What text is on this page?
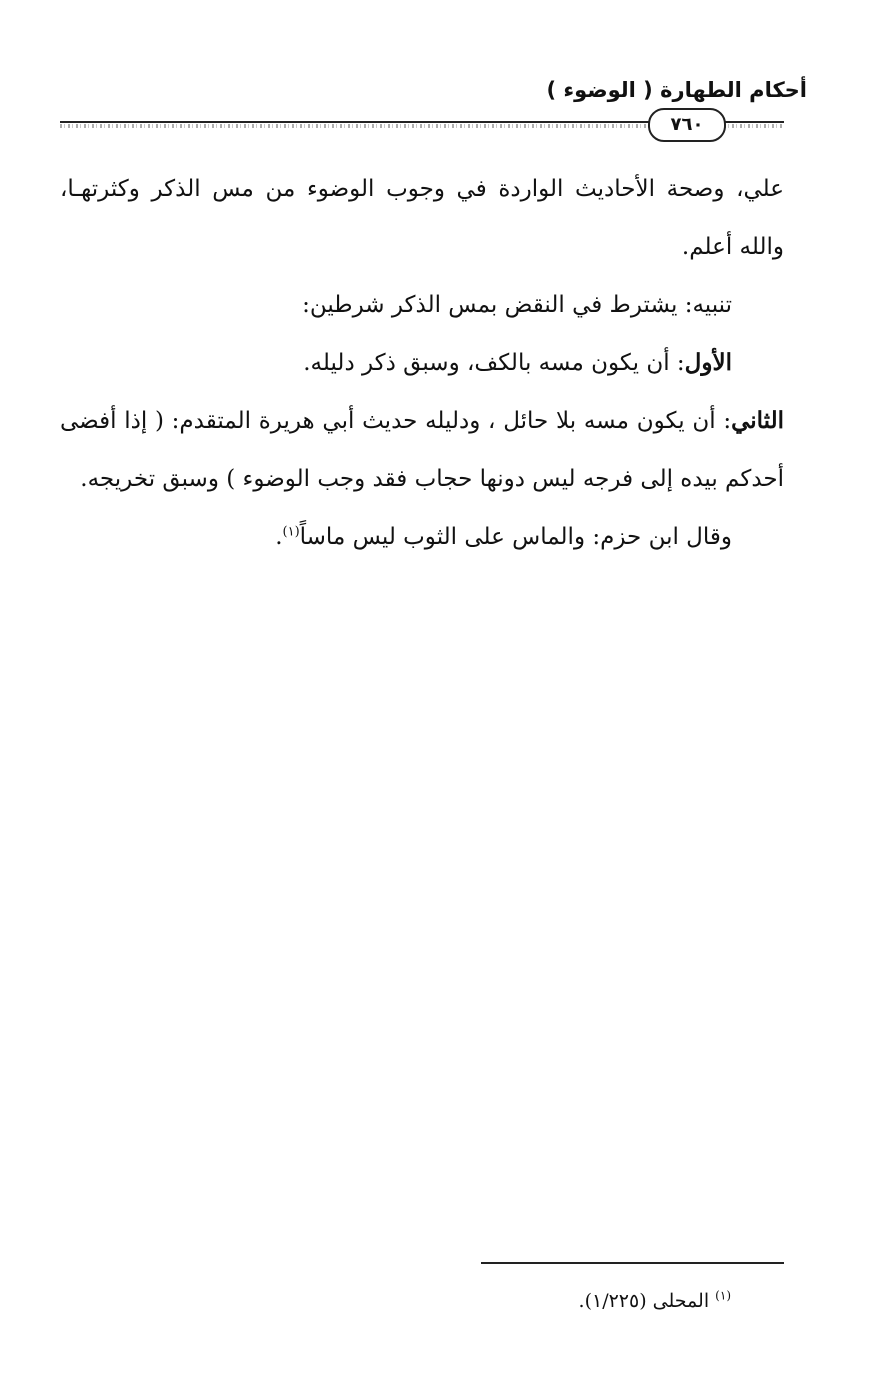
أحكام الطهارة ( الوضوء )
٧٦٠

علي، وصحة الأحاديث الواردة في وجوب الوضوء من مس الذكر وكثرتهـا، والله أعلم.

تنبيه: يشترط في النقض بمس الذكر شرطين:

الأول: أن يكون مسه بالكف، وسبق ذكر دليله.

الثاني: أن يكون مسه بلا حائل ، ودليله حديث أبي هريرة المتقدم: ( إذا أفضى أحدكم بيده إلى فرجه ليس دونها حجاب فقد وجب الوضوء ) وسبق تخريجه.

وقال ابن حزم: والماس على الثوب ليس ماساً$^{(١)}$.

$^{(١)}$ المحلى (١/٢٢٥).
